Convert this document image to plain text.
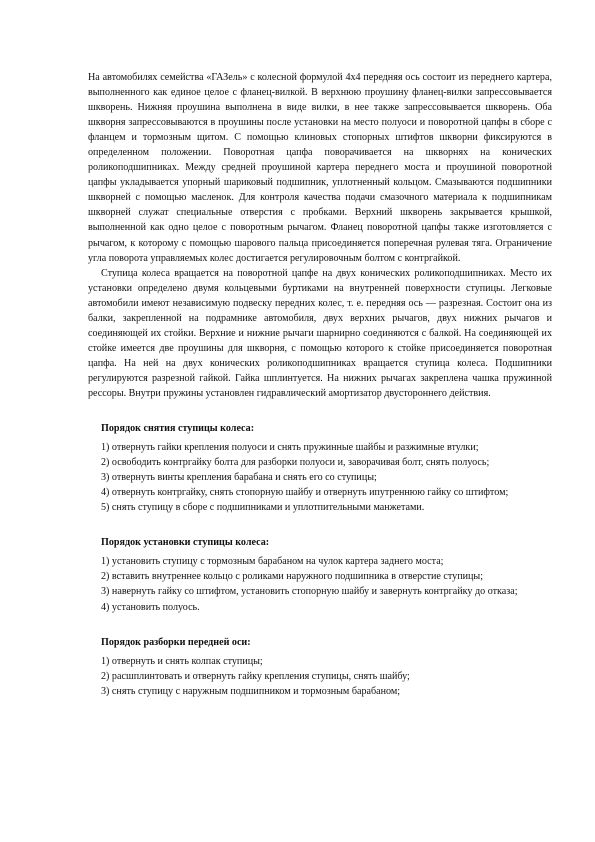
На автомобилях семейства «ГАЗель» с колесной формулой 4х4 передняя ось состоит из переднего картера, выполненного как единое целое с фланец-вилкой. В верхнюю проушину фланец-вилки запрессовывается шкворень. Нижняя проушина выполнена в виде вилки, в нее также запрессовывается шкворень. Оба шкворня запрессовываются в проушины после установки на место полуоси и поворотной цапфы в сборе с фланцем и тормозным щитом. С помощью клиновых стопорных штифтов шкворни фиксируются в определенном положении. Поворотная цапфа поворачивается на шкворнях на конических роликоподшипниках. Между средней проушиной картера переднего моста и проушиной поворотной цапфы укладывается упорный шариковый подшипник, уплотненный кольцом. Смазываются подшипники шкворней с помощью масленок. Для контроля качества подачи смазочного материала к подшипникам шкворней служат специальные отверстия с пробками. Верхний шкворень закрывается крышкой, выполненной как одно целое с поворотным рычагом. Фланец поворотной цапфы также изготовляется с рычагом, к которому с помощью шарового пальца присоединяется поперечная рулевая тяга. Ограничение угла поворота управляемых колес достигается регулировочным болтом с контргайкой.

Ступица колеса вращается на поворотной цапфе на двух конических роликоподшипниках. Место их установки определено двумя кольцевыми буртиками на внутренней поверхности ступицы. Легковые автомобили имеют независимую подвеску передних колес, т. е. передняя ось — разрезная. Состоит она из балки, закрепленной на подрамнике автомобиля, двух верхних рычагов, двух нижних рычагов и соединяющей их стойки. Верхние и нижние рычаги шарнирно соединяются с балкой. На соединяющей их стойке имеется две проушины для шкворня, с помощью которого к стойке присоединяется поворотная цапфа. На ней на двух конических роликоподшипниках вращается ступица колеса. Подшипники регулируются разрезной гайкой. Гайка шплинтуется. На нижних рычагах закреплена чашка пружинной рессоры. Внутри пружины установлен гидравлический амортизатор двустороннего действия.

Порядок снятия ступицы колеса:

1) отвернуть гайки крепления полуоси и снять пружинные шайбы и разжимные втулки;
2) освободить контргайку болта для разборки полуоси и, заворачивая болт, снять полуось;
3) отвернуть винты крепления барабана и снять его со ступицы;
4) отвернуть контргайку, снять стопорную шайбу и отвернуть ипутреннюю гайку со штифтом;
5) снять ступицу в сборе с подшипниками и уплотпительными манжетами.

Порядок установки ступицы колеса:

1) установить ступицу с тормозным барабаном на чулок картера заднего моста;
2) вставить внутреннее кольцо с роликами наружного подшипника в отверстие ступицы;
3) навернуть гайку со штифтом, установить стопорную шайбу и завернуть контргайку до отказа;
4) установить полуось.

Порядок разборки передней оси:

1) отвернуть и снять колпак ступицы;
2) расшплинтовать и отвернуть гайку крепления ступицы, снять шайбу;
3) снять ступицу с наружным подшипником и тормозным барабаном;
